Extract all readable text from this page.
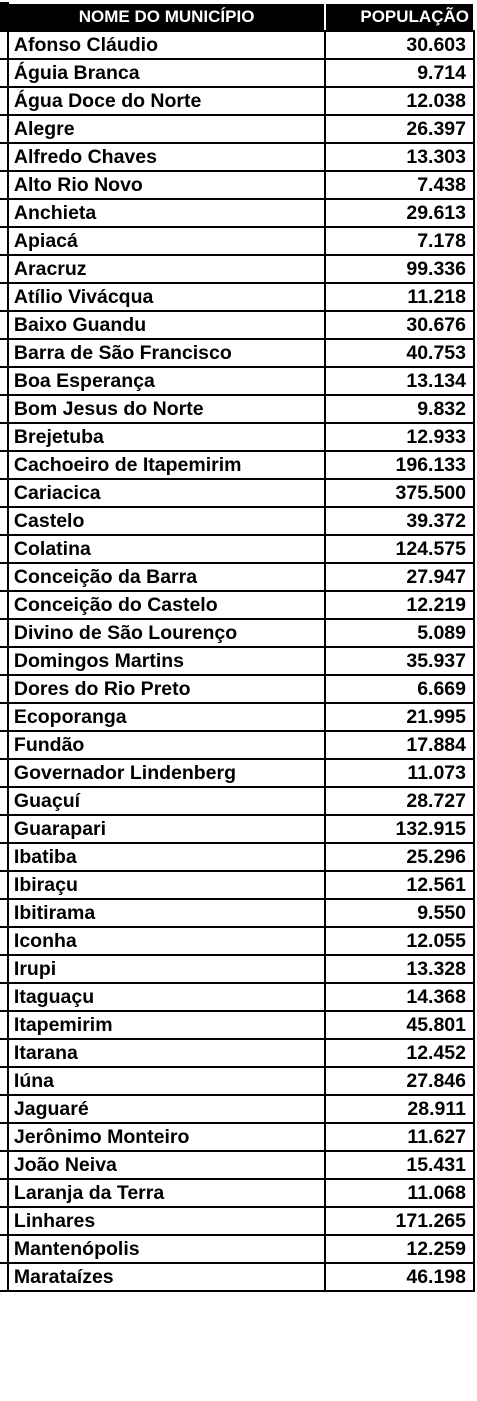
	NOME DO MUNICÍPIO	POPULAÇÃO
	Afonso Cláudio	30.603
	Águia Branca	9.714
	Água Doce do Norte	12.038
	Alegre	26.397
	Alfredo Chaves	13.303
	Alto Rio Novo	7.438
	Anchieta	29.613
	Apiacá	7.178
	Aracruz	99.336
	Atílio Vivácqua	11.218
	Baixo Guandu	30.676
	Barra de São Francisco	40.753
	Boa Esperança	13.134
	Bom Jesus do Norte	9.832
	Brejetuba	12.933
	Cachoeiro de Itapemirim	196.133
	Cariacica	375.500
	Castelo	39.372
	Colatina	124.575
	Conceição da Barra	27.947
	Conceição do Castelo	12.219
	Divino de São Lourenço	5.089
	Domingos Martins	35.937
	Dores do Rio Preto	6.669
	Ecoporanga	21.995
	Fundão	17.884
	Governador Lindenberg	11.073
	Guaçuí	28.727
	Guarapari	132.915
	Ibatiba	25.296
	Ibiraçu	12.561
	Ibitirama	9.550
	Iconha	12.055
	Irupi	13.328
	Itaguaçu	14.368
	Itapemirim	45.801
	Itarana	12.452
	Iúna	27.846
	Jaguaré	28.911
	Jerônimo Monteiro	11.627
	João Neiva	15.431
	Laranja da Terra	11.068
	Linhares	171.265
	Mantenópolis	12.259
	Marataízes	46.198
